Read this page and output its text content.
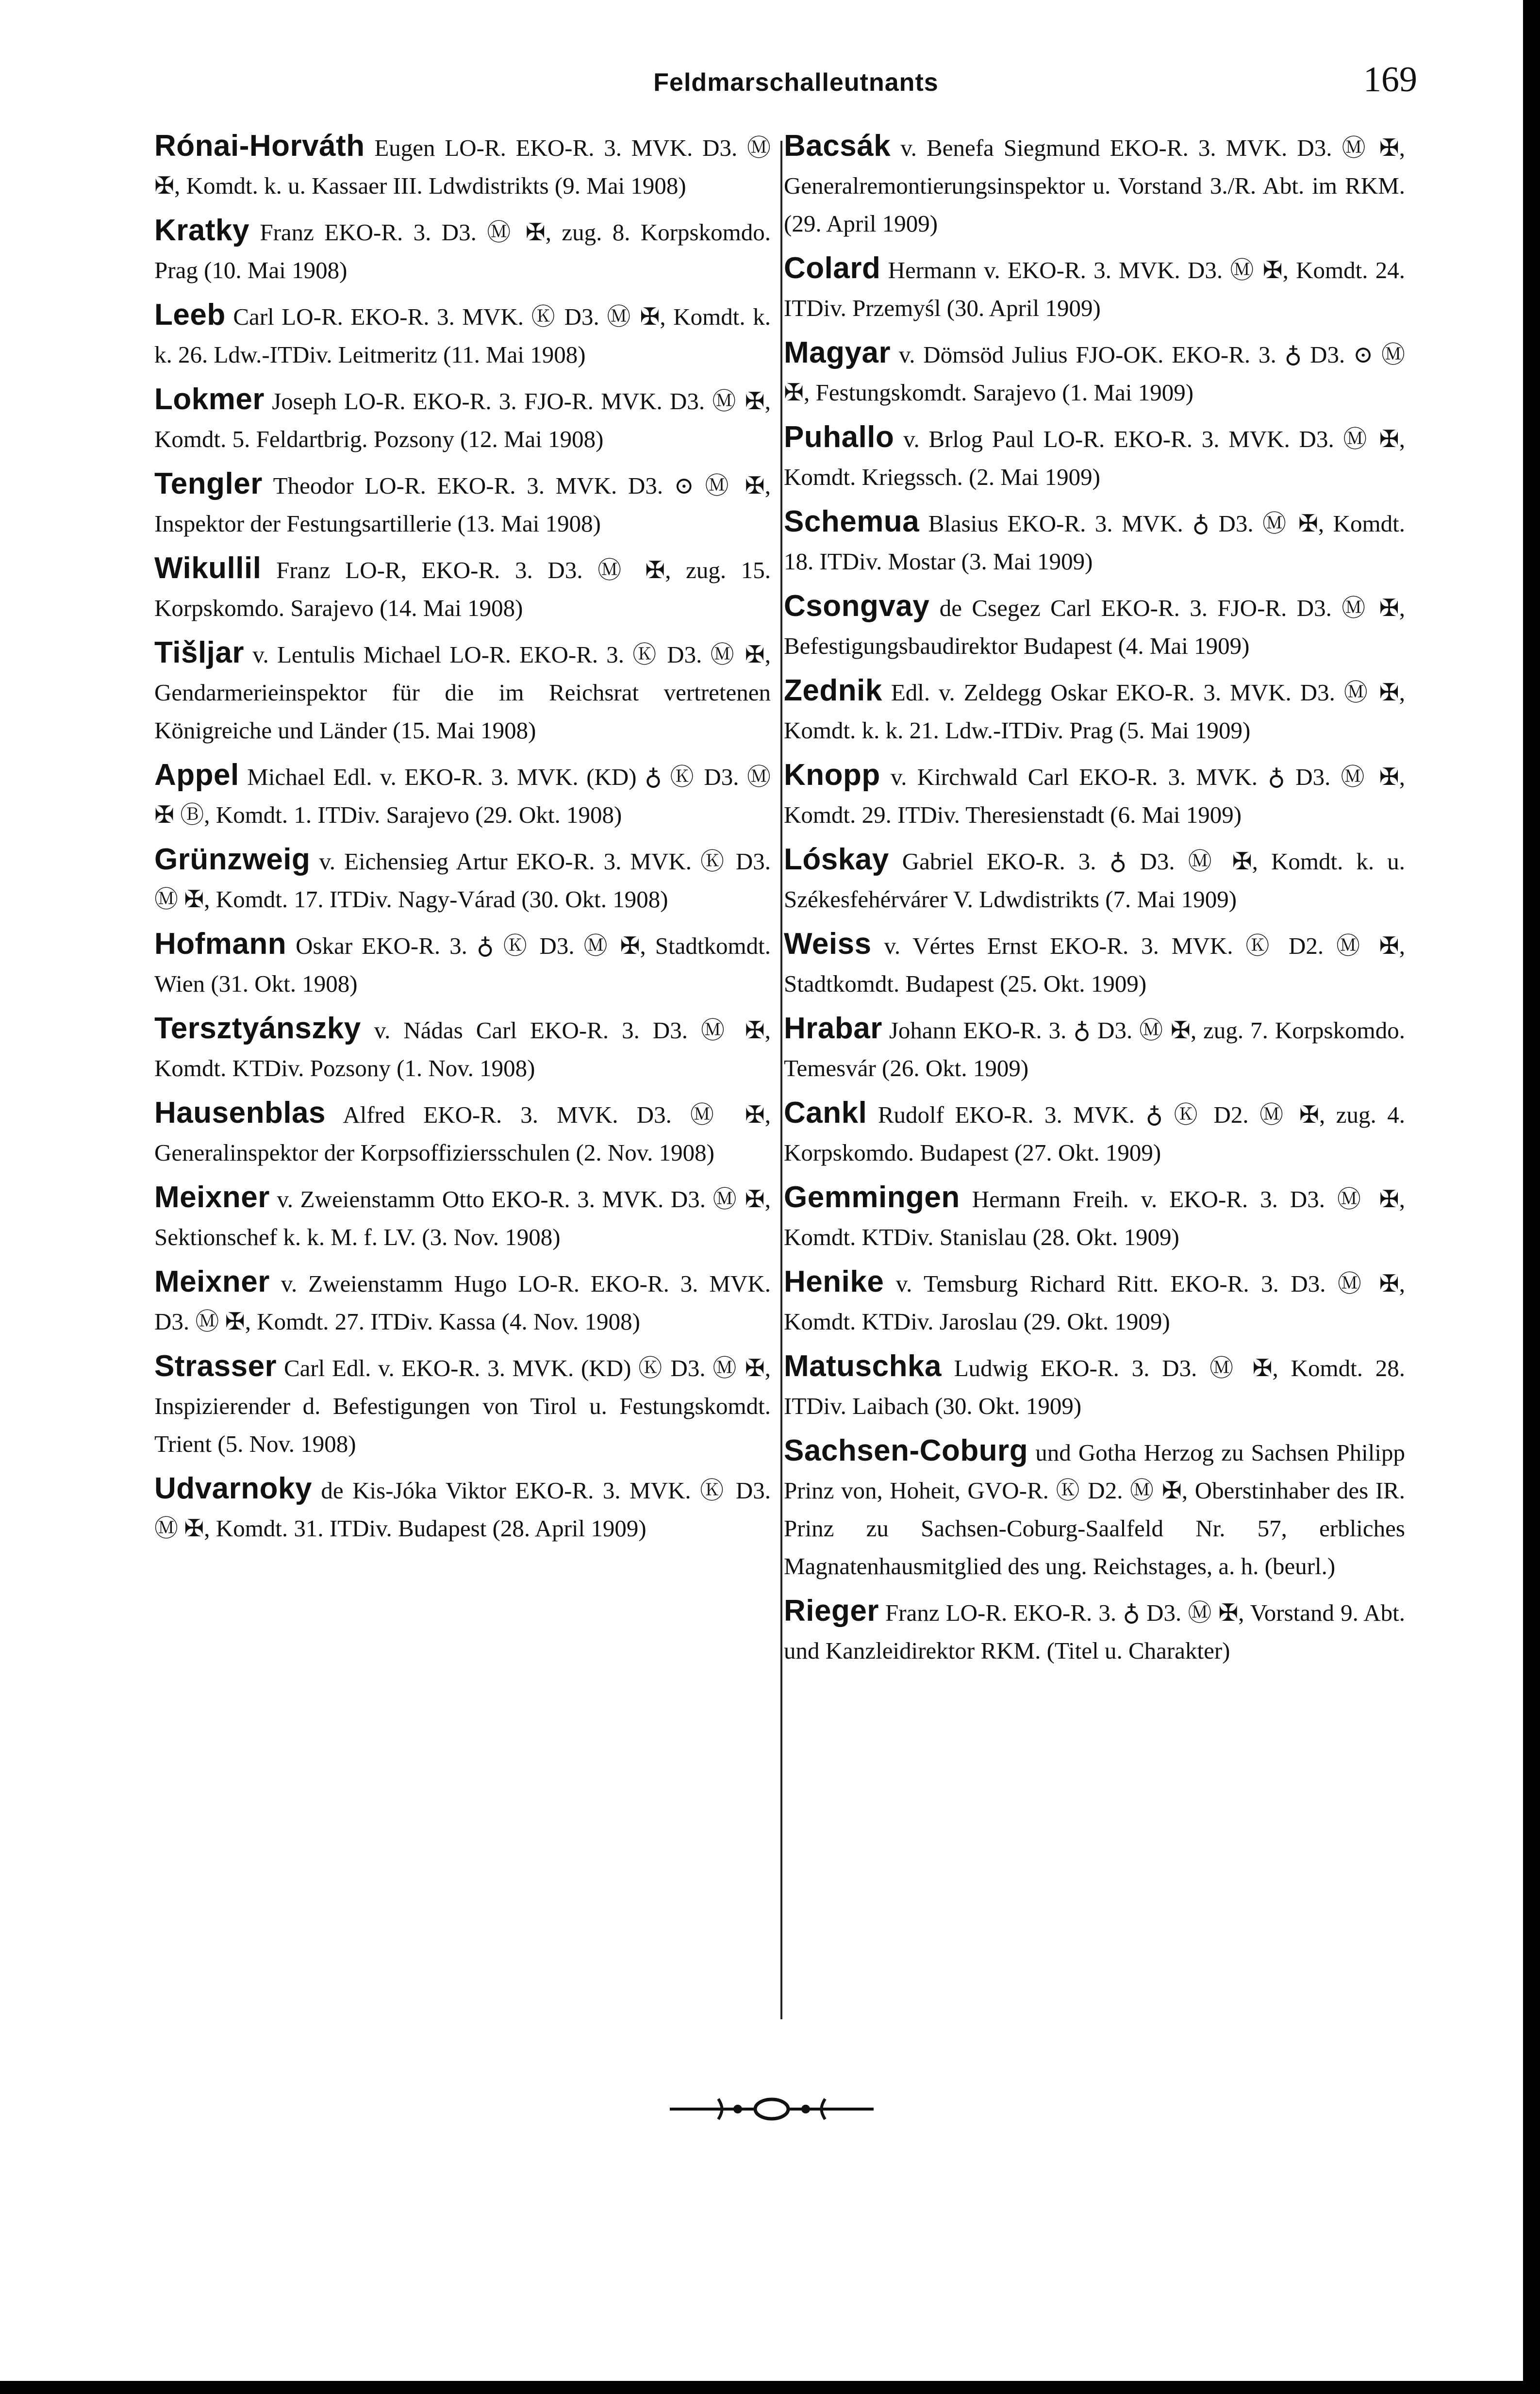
Feldmarschalleutnants	169

Rónai-Horváth Eugen LO-R. EKO-R. 3. MVK. D3. Ⓜ ✠, Komdt. k. u. Kassaer III. Ldwdistrikts (9. Mai 1908)

Kratky Franz EKO-R. 3. D3. Ⓜ ✠, zug. 8. Korpskomdo. Prag (10. Mai 1908)

Leeb Carl LO-R. EKO-R. 3. MVK. Ⓚ D3. Ⓜ ✠, Komdt. k. k. 26. Ldw.-ITDiv. Leitmeritz (11. Mai 1908)

Lokmer Joseph LO-R. EKO-R. 3. FJO-R. MVK. D3. Ⓜ ✠, Komdt. 5. Feldartbrig. Pozsony (12. Mai 1908)

Tengler Theodor LO-R. EKO-R. 3. MVK. D3. ⊙ Ⓜ ✠, Inspektor der Festungsartillerie (13. Mai 1908)

Wikullil Franz LO-R, EKO-R. 3. D3. Ⓜ ✠, zug. 15. Korpskomdo. Sarajevo (14. Mai 1908)

Tišljar v. Lentulis Michael LO-R. EKO-R. 3. Ⓚ D3. Ⓜ ✠, Gendarmerieinspektor für die im Reichsrat vertretenen Königreiche und Länder (15. Mai 1908)

Appel Michael Edl. v. EKO-R. 3. MVK. (KD) ♁ Ⓚ D3. Ⓜ ✠ Ⓑ, Komdt. 1. ITDiv. Sarajevo (29. Okt. 1908)

Grünzweig v. Eichensieg Artur EKO-R. 3. MVK. Ⓚ D3. Ⓜ ✠, Komdt. 17. ITDiv. Nagy-Várad (30. Okt. 1908)

Hofmann Oskar EKO-R. 3. ♁ Ⓚ D3. Ⓜ ✠, Stadtkomdt. Wien (31. Okt. 1908)

Tersztyánszky v. Nádas Carl EKO-R. 3. D3. Ⓜ ✠, Komdt. KTDiv. Pozsony (1. Nov. 1908)

Hausenblas Alfred EKO-R. 3. MVK. D3. Ⓜ ✠, Generalinspektor der Korpsoffiziersschulen (2. Nov. 1908)

Meixner v. Zweienstamm Otto EKO-R. 3. MVK. D3. Ⓜ ✠, Sektionschef k. k. M. f. LV. (3. Nov. 1908)

Meixner v. Zweienstamm Hugo LO-R. EKO-R. 3. MVK. D3. Ⓜ ✠, Komdt. 27. ITDiv. Kassa (4. Nov. 1908)

Strasser Carl Edl. v. EKO-R. 3. MVK. (KD) Ⓚ D3. Ⓜ ✠, Inspizierender d. Befestigungen von Tirol u. Festungskomdt. Trient (5. Nov. 1908)

Udvarnoky de Kis-Jóka Viktor EKO-R. 3. MVK. Ⓚ D3. Ⓜ ✠, Komdt. 31. ITDiv. Budapest (28. April 1909)

Bacsák v. Benefa Siegmund EKO-R. 3. MVK. D3. Ⓜ ✠, Generalremontierungsinspektor u. Vorstand 3./R. Abt. im RKM. (29. April 1909)

Colard Hermann v. EKO-R. 3. MVK. D3. Ⓜ ✠, Komdt. 24. ITDiv. Przemyśl (30. April 1909)

Magyar v. Dömsöd Julius FJO-OK. EKO-R. 3. ♁ D3. ⊙ Ⓜ ✠, Festungskomdt. Sarajevo (1. Mai 1909)

Puhallo v. Brlog Paul LO-R. EKO-R. 3. MVK. D3. Ⓜ ✠, Komdt. Kriegssch. (2. Mai 1909)

Schemua Blasius EKO-R. 3. MVK. ♁ D3. Ⓜ ✠, Komdt. 18. ITDiv. Mostar (3. Mai 1909)

Csongvay de Csegez Carl EKO-R. 3. FJO-R. D3. Ⓜ ✠, Befestigungsbaudirektor Budapest (4. Mai 1909)

Zednik Edl. v. Zeldegg Oskar EKO-R. 3. MVK. D3. Ⓜ ✠, Komdt. k. k. 21. Ldw.-ITDiv. Prag (5. Mai 1909)

Knopp v. Kirchwald Carl EKO-R. 3. MVK. ♁ D3. Ⓜ ✠, Komdt. 29. ITDiv. Theresienstadt (6. Mai 1909)

Lóskay Gabriel EKO-R. 3. ♁ D3. Ⓜ ✠, Komdt. k. u. Székesfehérvárer V. Ldwdistrikts (7. Mai 1909)

Weiss v. Vértes Ernst EKO-R. 3. MVK. Ⓚ D2. Ⓜ ✠, Stadtkomdt. Budapest (25. Okt. 1909)

Hrabar Johann EKO-R. 3. ♁ D3. Ⓜ ✠, zug. 7. Korpskomdo. Temesvár (26. Okt. 1909)

Cankl Rudolf EKO-R. 3. MVK. ♁ Ⓚ D2. Ⓜ ✠, zug. 4. Korpskomdo. Budapest (27. Okt. 1909)

Gemmingen Hermann Freih. v. EKO-R. 3. D3. Ⓜ ✠, Komdt. KTDiv. Stanislau (28. Okt. 1909)

Henike v. Temsburg Richard Ritt. EKO-R. 3. D3. Ⓜ ✠, Komdt. KTDiv. Jaroslau (29. Okt. 1909)

Matuschka Ludwig EKO-R. 3. D3. Ⓜ ✠, Komdt. 28. ITDiv. Laibach (30. Okt. 1909)

Sachsen-Coburg und Gotha Herzog zu Sachsen Philipp Prinz von, Hoheit, GVO-R. Ⓚ D2. Ⓜ ✠, Oberstinhaber des IR. Prinz zu Sachsen-Coburg-Saalfeld Nr. 57, erbliches Magnatenhausmitglied des ung. Reichstages, a. h. (beurl.)

Rieger Franz LO-R. EKO-R. 3. ♁ D3. Ⓜ ✠, Vorstand 9. Abt. und Kanzleidirektor RKM. (Titel u. Charakter)
